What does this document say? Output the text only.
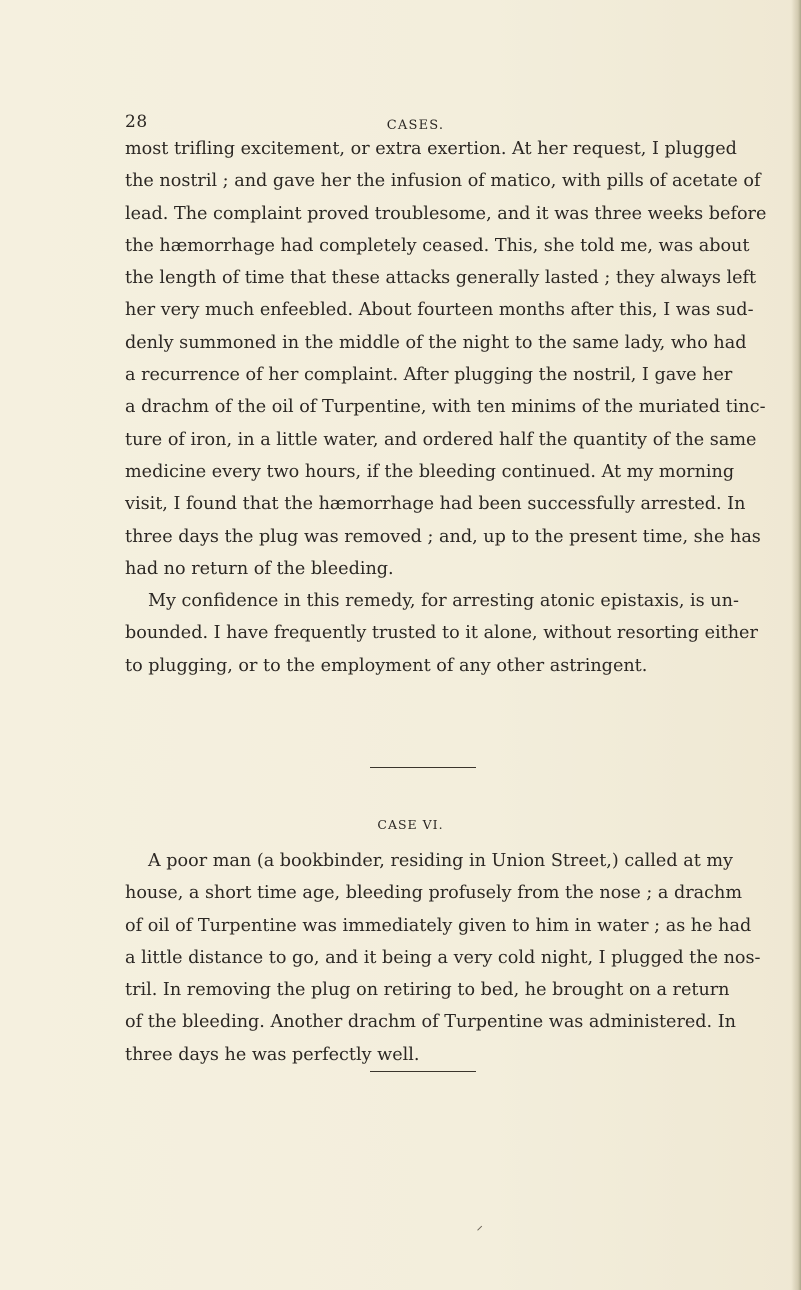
28	CASES.
most trifling excitement, or extra exertion. At her request, I plugged
the nostril ; and gave her the infusion of matico, with pills of acetate of
lead. The complaint proved troublesome, and it was three weeks before
the hæmorrhage had completely ceased. This, she told me, was about
the length of time that these attacks generally lasted ; they always left
her very much enfeebled. About fourteen months after this, I was sud-
denly summoned in the middle of the night to the same lady, who had
a recurrence of her complaint. After plugging the nostril, I gave her
a drachm of the oil of Turpentine, with ten minims of the muriated tinc-
ture of iron, in a little water, and ordered half the quantity of the same
medicine every two hours, if the bleeding continued. At my morning
visit, I found that the hæmorrhage had been successfully arrested. In
three days the plug was removed ; and, up to the present time, she has
had no return of the bleeding.
My confidence in this remedy, for arresting atonic epistaxis, is un-
bounded. I have frequently trusted to it alone, without resorting either
to plugging, or to the employment of any other astringent.
CASE VI.
A poor man (a bookbinder, residing in Union Street,) called at my
house, a short time age, bleeding profusely from the nose ; a drachm
of oil of Turpentine was immediately given to him in water ; as he had
a little distance to go, and it being a very cold night, I plugged the nos-
tril. In removing the plug on retiring to bed, he brought on a return
of the bleeding. Another drachm of Turpentine was administered. In
three days he was perfectly well.
